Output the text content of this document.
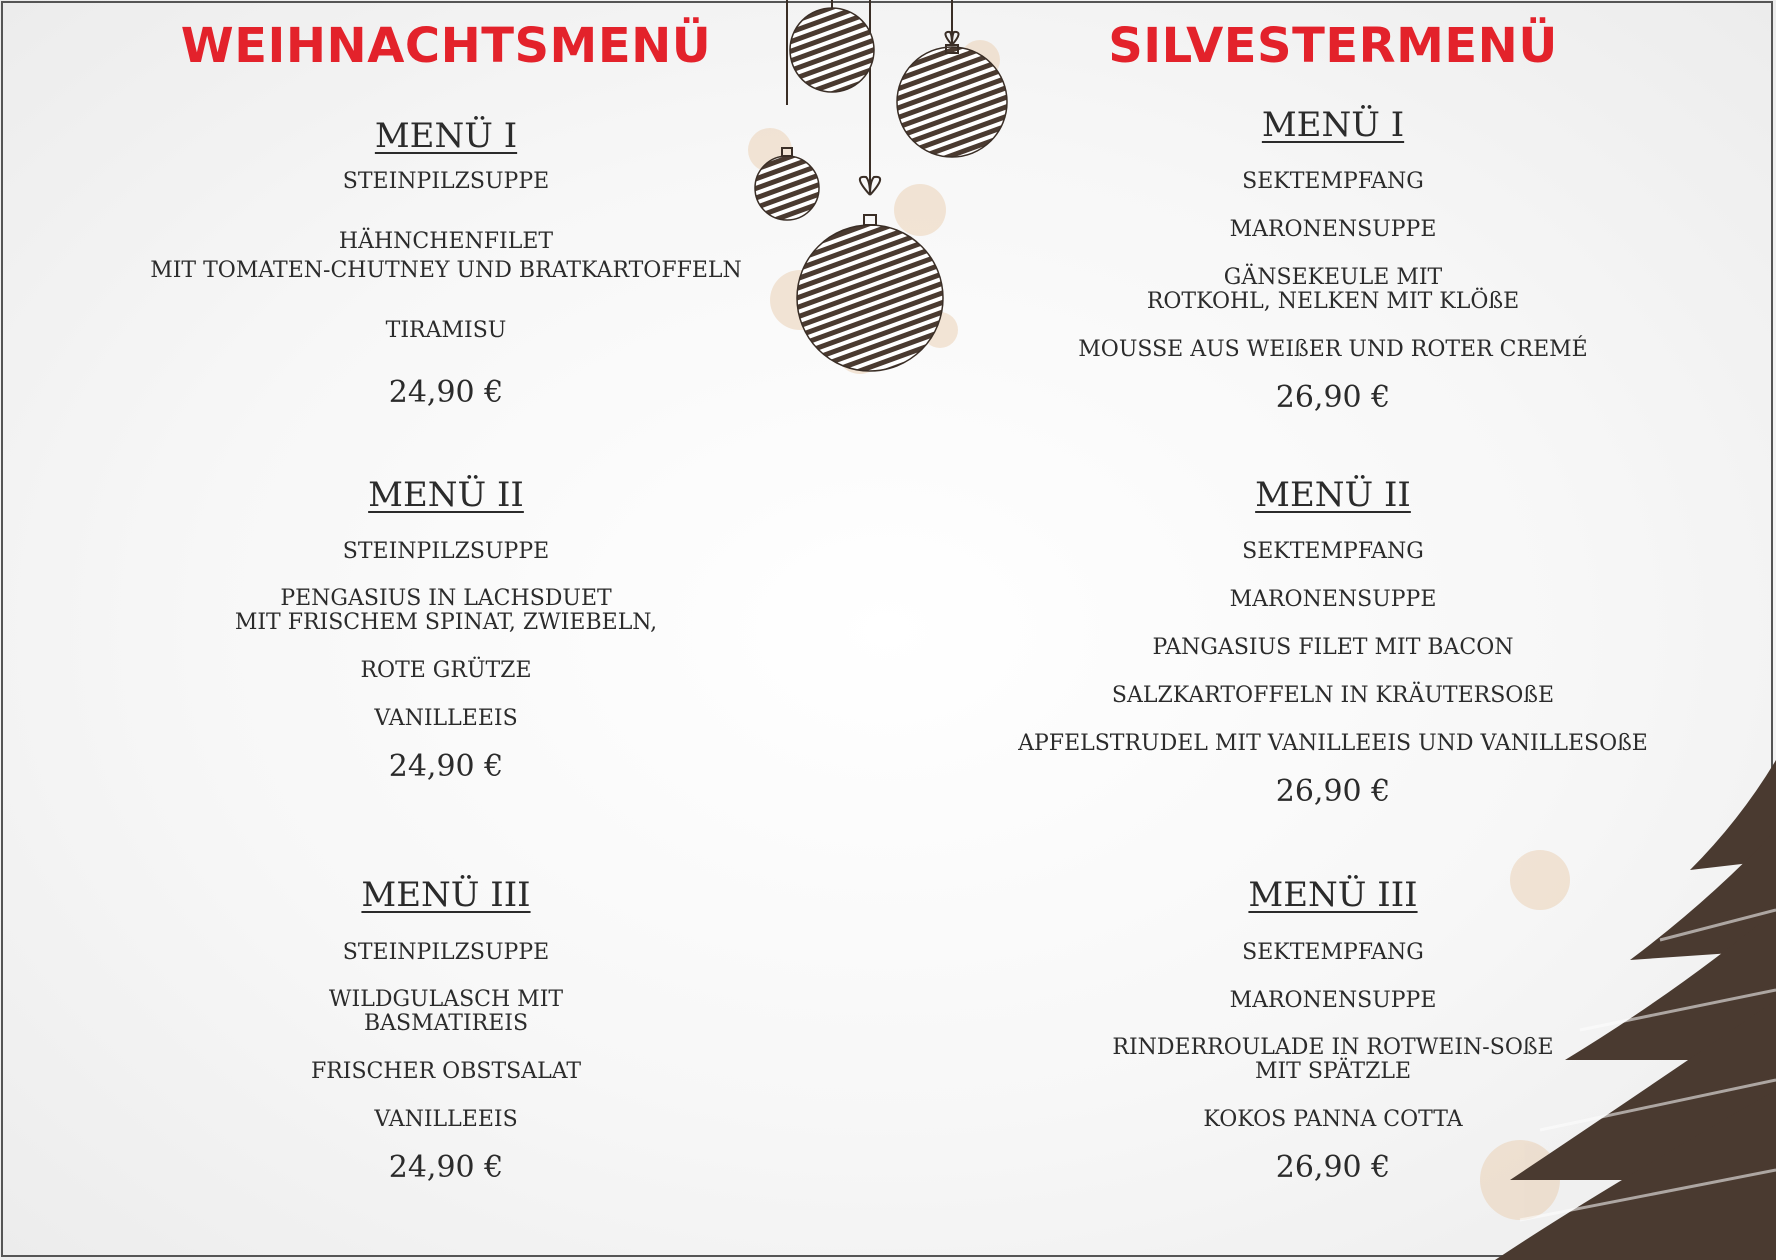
WEIHNACHTSMENÜ
MENÜ I
STEINPILZSUPPE
HÄHNCHENFILET
MIT TOMATEN-CHUTNEY UND BRATKARTOFFELN
TIRAMISU
24,90 €
MENÜ II
STEINPILZSUPPE
PENGASIUS IN LACHSDUET
MIT FRISCHEM SPINAT, ZWIEBELN,
ROTE GRÜTZE
VANILLEEIS
24,90 €
MENÜ III
STEINPILZSUPPE
WILDGULASCH MIT
BASMATIREIS
FRISCHER OBSTSALAT
VANILLEEIS
24,90 €
SILVESTERMENÜ
MENÜ I
SEKTEMPFANG
MARONENSUPPE
GÄNSEKEULE MIT
ROTKOHL, NELKEN MIT KLÖßE
MOUSSE AUS WEIßER UND ROTER CREMÉ
26,90 €
MENÜ II
SEKTEMPFANG
MARONENSUPPE
PANGASIUS FILET MIT BACON
SALZKARTOFFELN IN KRÄUTERSOßE
APFELSTRUDEL MIT VANILLEEIS UND VANILLESOßE
26,90 €
MENÜ III
SEKTEMPFANG
MARONENSUPPE
RINDERROULADE IN ROTWEIN-SOßE
MIT SPÄTZLE
KOKOS PANNA COTTA
26,90 €
